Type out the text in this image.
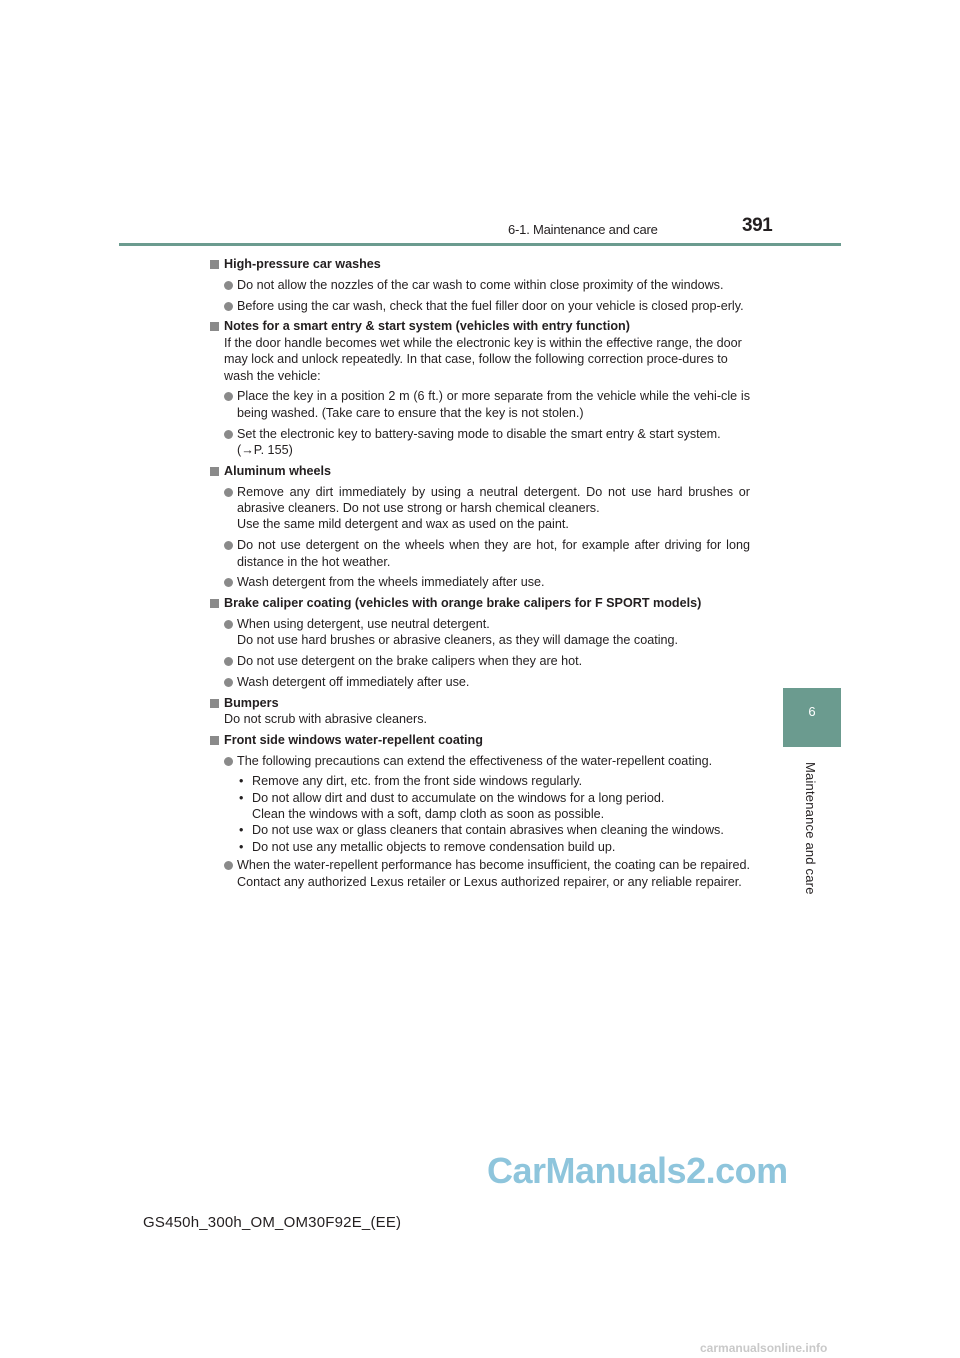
6-1. Maintenance and care	391
6
Maintenance and care
High-pressure car washes
Do not allow the nozzles of the car wash to come within close proximity of the windows.
Before using the car wash, check that the fuel filler door on your vehicle is closed prop-erly.
Notes for a smart entry & start system (vehicles with entry function)
If the door handle becomes wet while the electronic key is within the effective range, the door may lock and unlock repeatedly. In that case, follow the following correction proce-dures to wash the vehicle:
Place the key in a position 2 m (6 ft.) or more separate from the vehicle while the vehi-cle is being washed. (Take care to ensure that the key is not stolen.)
Set the electronic key to battery-saving mode to disable the smart entry & start system.
(→P. 155)
Aluminum wheels
Remove any dirt immediately by using a neutral detergent. Do not use hard brushes or abrasive cleaners. Do not use strong or harsh chemical cleaners.
Use the same mild detergent and wax as used on the paint.
Do not use detergent on the wheels when they are hot, for example after driving for long distance in the hot weather.
Wash detergent from the wheels immediately after use.
Brake caliper coating (vehicles with orange brake calipers for F SPORT models)
When using detergent, use neutral detergent.
Do not use hard brushes or abrasive cleaners, as they will damage the coating.
Do not use detergent on the brake calipers when they are hot.
Wash detergent off immediately after use.
Bumpers
Do not scrub with abrasive cleaners.
Front side windows water-repellent coating
The following precautions can extend the effectiveness of the water-repellent coating.
• Remove any dirt, etc. from the front side windows regularly.
• Do not allow dirt and dust to accumulate on the windows for a long period.
Clean the windows with a soft, damp cloth as soon as possible.
• Do not use wax or glass cleaners that contain abrasives when cleaning the windows.
• Do not use any metallic objects to remove condensation build up.
When the water-repellent performance has become insufficient, the coating can be repaired. Contact any authorized Lexus retailer or Lexus authorized repairer, or any reliable repairer.
GS450h_300h_OM_OM30F92E_(EE)
CarManuals2.com
carmanualsonline.info
